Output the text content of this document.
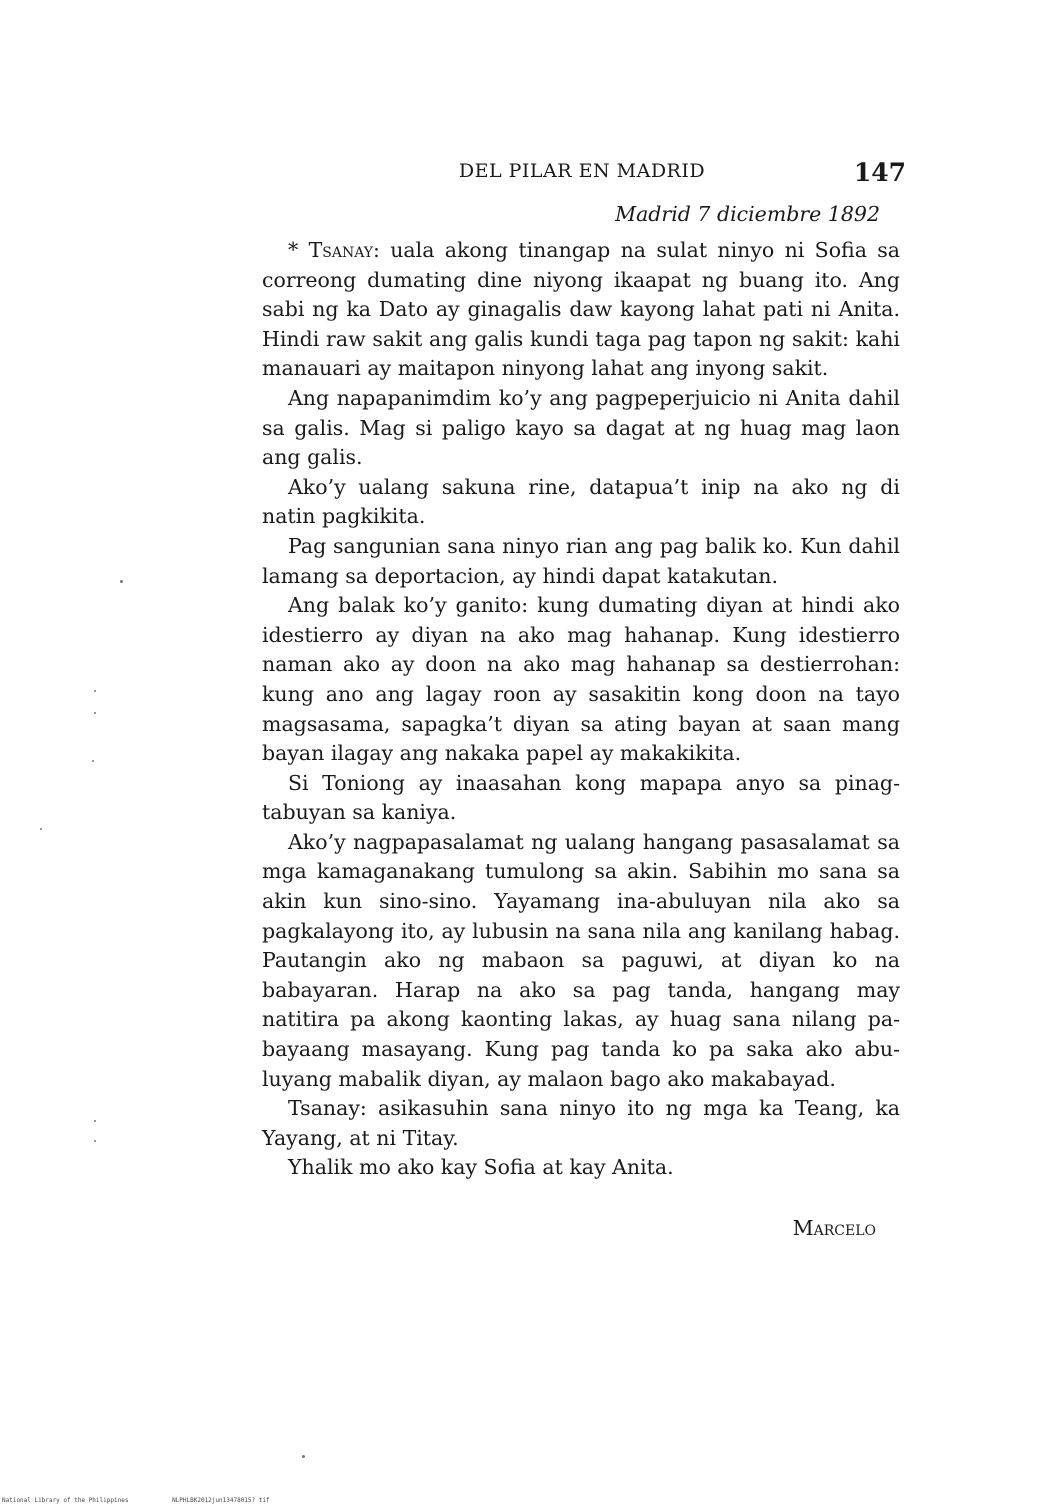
DEL PILAR EN MADRID	147
Madrid 7 diciembre 1892

* Tsanay: uala akong tinangap na sulat ninyo ni Sofia sa correong dumating dine niyong ikaapat ng buang ito. Ang sabi ng ka Dato ay ginagalis daw kayong lahat pati ni Anita. Hindi raw sakit ang galis kundi taga pag tapon ng sakit: kahi manauari ay maitapon ninyong lahat ang inyong sakit.

Ang napapanimdim ko’y ang pagpeperjuicio ni Anita dahil sa galis. Mag si paligo kayo sa dagat at ng huag mag laon ang galis.

Ako’y ualang sakuna rine, datapua’t inip na ako ng di natin pagkikita.

Pag sangunian sana ninyo rian ang pag balik ko. Kun dahil lamang sa deportacion, ay hindi dapat katakutan.

Ang balak ko’y ganito: kung dumating diyan at hindi ako idestierro ay diyan na ako mag hahanap. Kung idestierro naman ako ay doon na ako mag hahanap sa destierrohan: kung ano ang lagay roon ay sasakitin kong doon na tayo magsasama, sapagka’t diyan sa ating bayan at saan mang bayan ilagay ang nakaka papel ay makakikita.

Si Toniong ay inaasahan kong mapapa anyo sa pinagtabuyan sa kaniya.

Ako’y nagpapasalamat ng ualang hangang pasasalamat sa mga kamaganakang tumulong sa akin. Sabihin mo sana sa akin kun sino-sino. Yayamang ina-abuluyan nila ako sa pagkalayong ito, ay lubusin na sana nila ang kanilang habag. Pautangin ako ng mabaon sa paguwi, at diyan ko na babayaran. Harap na ako sa pag tanda, hangang may natitira pa akong kaonting lakas, ay huag sana nilang pabayaang masayang. Kung pag tanda ko pa saka ako abuluyang mabalik diyan, ay malaon bago ako makabayad.

Tsanay: asikasuhin sana ninyo ito ng mga ka Teang, ka Yayang, at ni Titay.

Yhalik mo ako kay Sofia at kay Anita.

Marcelo
National Library of the Philippines	NLPHLBK2012jun13478015? tif
